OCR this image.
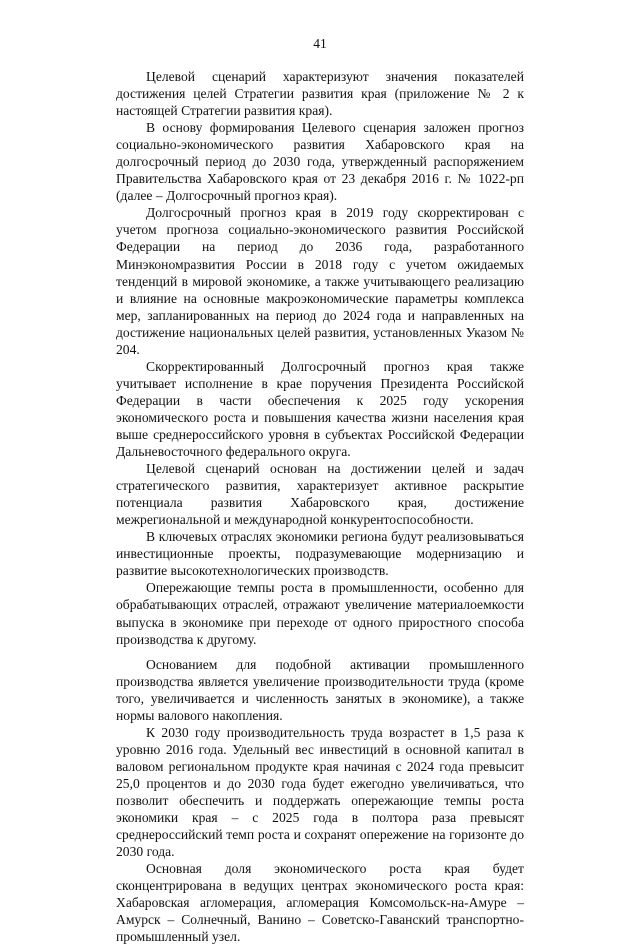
41

Целевой сценарий характеризуют значения показателей достижения целей Стратегии развития края (приложение № 2 к настоящей Стратегии развития края).

В основу формирования Целевого сценария заложен прогноз социально-экономического развития Хабаровского края на долгосрочный период до 2030 года, утвержденный распоряжением Правительства Хабаровского края от 23 декабря 2016 г. № 1022-рп (далее – Долгосрочный прогноз края).

Долгосрочный прогноз края в 2019 году скорректирован с учетом прогноза социально-экономического развития Российской Федерации на период до 2036 года, разработанного Минэкономразвития России в 2018 году с учетом ожидаемых тенденций в мировой экономике, а также учитывающего реализацию и влияние на основные макроэкономические параметры комплекса мер, запланированных на период до 2024 года и направленных на достижение национальных целей развития, установленных Указом № 204.

Скорректированный Долгосрочный прогноз края также учитывает исполнение в крае поручения Президента Российской Федерации в части обеспечения к 2025 году ускорения экономического роста и повышения качества жизни населения края выше среднероссийского уровня в субъектах Российской Федерации Дальневосточного федерального округа.

Целевой сценарий основан на достижении целей и задач стратегического развития, характеризует активное раскрытие потенциала развития Хабаровского края, достижение межрегиональной и международной конкурентоспособности.

В ключевых отраслях экономики региона будут реализовываться инвестиционные проекты, подразумевающие модернизацию и развитие высокотехнологических производств.

Опережающие темпы роста в промышленности, особенно для обрабатывающих отраслей, отражают увеличение материалоемкости выпуска в экономике при переходе от одного приростного способа производства к другому.

Основанием для подобной активации промышленного производства является увеличение производительности труда (кроме того, увеличивается и численность занятых в экономике), а также нормы валового накопления.

К 2030 году производительность труда возрастет в 1,5 раза к уровню 2016 года. Удельный вес инвестиций в основной капитал в валовом региональном продукте края начиная с 2024 года превысит 25,0 процентов и до 2030 года будет ежегодно увеличиваться, что позволит обеспечить и поддержать опережающие темпы роста экономики края – с 2025 года в полтора раза превысят среднероссийский темп роста и сохранят опережение на горизонте до 2030 года.

Основная доля экономического роста края будет сконцентрирована в ведущих центрах экономического роста края: Хабаровская агломерация, агломерация Комсомольск-на-Амуре – Амурск – Солнечный, Ванино – Советско-Гаванский транспортно-промышленный узел.
